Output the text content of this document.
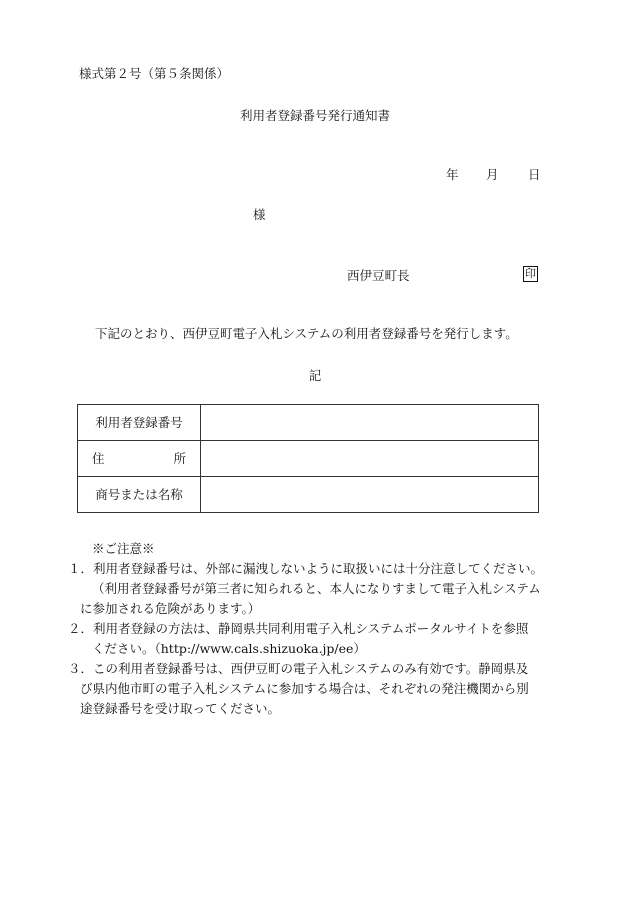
様式第２号（第５条関係）
利用者登録番号発行通知書
年 月 日
様
西伊豆町長	印
下記のとおり、西伊豆町電子入札システムの利用者登録番号を発行します。
記
利用者登録番号	

住 所	

商号または名称	
※ご注意※
１．利用者登録番号は、外部に漏洩しないように取扱いには十分注意してください。
（利用者登録番号が第三者に知られると、本人になりすまして電子入札システム
に参加される危険があります。）
２．利用者登録の方法は、静岡県共同利用電子入札システムポータルサイトを参照
ください。（http://www.cals.shizuoka.jp/ee）
３．この利用者登録番号は、西伊豆町の電子入札システムのみ有効です。静岡県及
び県内他市町の電子入札システムに参加する場合は、それぞれの発注機関から別
途登録番号を受け取ってください。
